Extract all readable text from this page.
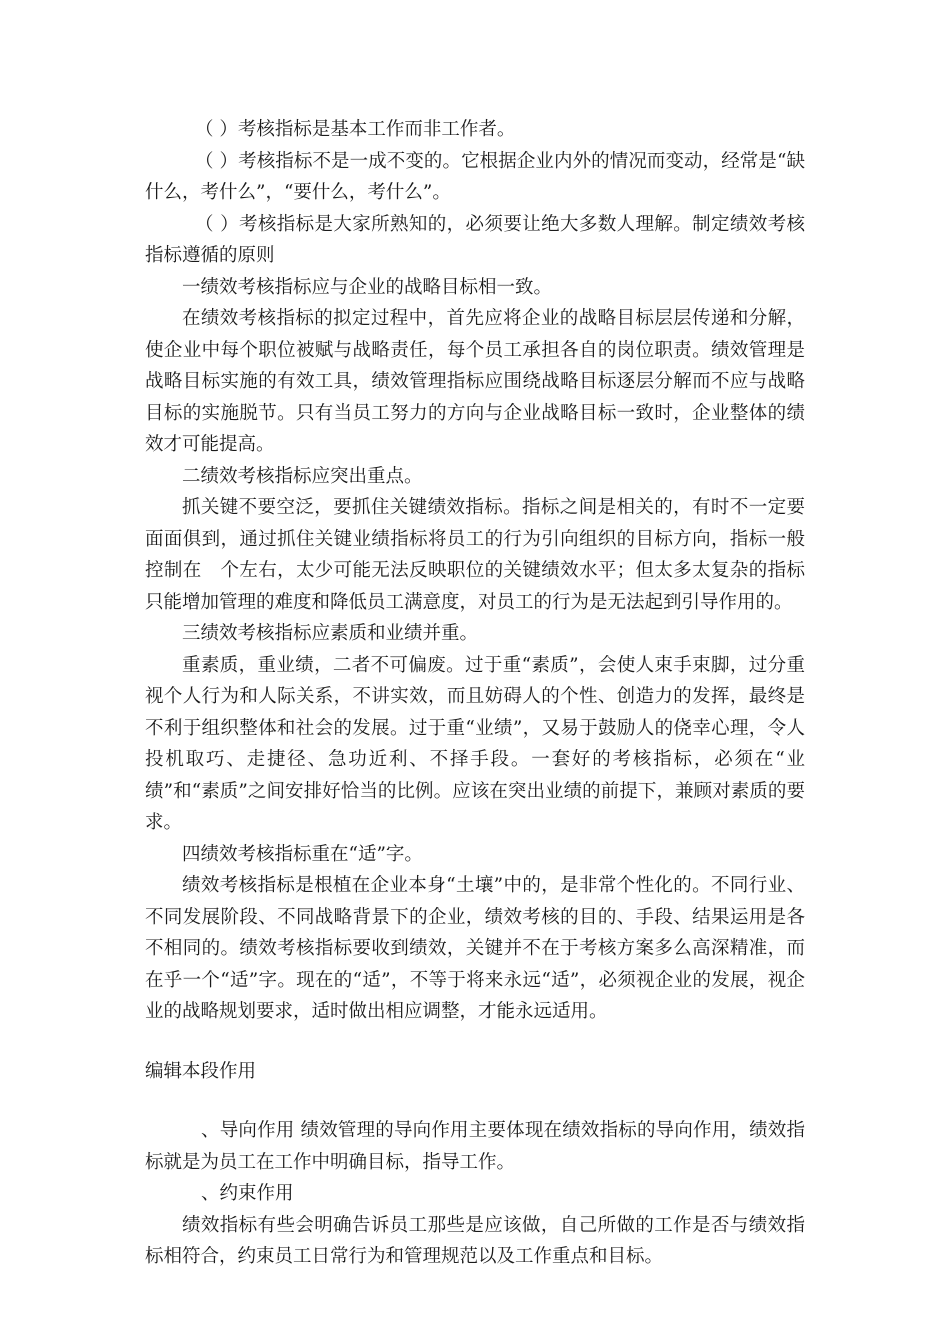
（ ）考核指标是基本工作而非工作者。

（ ）考核指标不是一成不变的。它根据企业内外的情况而变动，经常是“缺什么，考什么”，“要什么，考什么”。

（ ）考核指标是大家所熟知的，必须要让绝大多数人理解。制定绩效考核指标遵循的原则

一绩效考核指标应与企业的战略目标相一致。

在绩效考核指标的拟定过程中，首先应将企业的战略目标层层传递和分解，使企业中每个职位被赋与战略责任，每个员工承担各自的岗位职责。绩效管理是战略目标实施的有效工具，绩效管理指标应围绕战略目标逐层分解而不应与战略目标的实施脱节。只有当员工努力的方向与企业战略目标一致时，企业整体的绩效才可能提高。

二绩效考核指标应突出重点。

抓关键不要空泛，要抓住关键绩效指标。指标之间是相关的，有时不一定要面面俱到，通过抓住关键业绩指标将员工的行为引向组织的目标方向，指标一般控制在　个左右，太少可能无法反映职位的关键绩效水平；但太多太复杂的指标只能增加管理的难度和降低员工满意度，对员工的行为是无法起到引导作用的。

三绩效考核指标应素质和业绩并重。

重素质，重业绩，二者不可偏废。过于重“素质”，会使人束手束脚，过分重视个人行为和人际关系，不讲实效，而且妨碍人的个性、创造力的发挥，最终是不利于组织整体和社会的发展。过于重“业绩”，又易于鼓励人的侥幸心理，令人投机取巧、走捷径、急功近利、不择手段。一套好的考核指标，必须在“业绩”和“素质”之间安排好恰当的比例。应该在突出业绩的前提下，兼顾对素质的要求。

四绩效考核指标重在“适”字。

绩效考核指标是根植在企业本身“土壤”中的，是非常个性化的。不同行业、不同发展阶段、不同战略背景下的企业，绩效考核的目的、手段、结果运用是各不相同的。绩效考核指标要收到绩效，关键并不在于考核方案多么高深精准，而在乎一个“适”字。现在的“适”，不等于将来永远“适”，必须视企业的发展，视企业的战略规划要求，适时做出相应调整，才能永远适用。

编辑本段作用

、导向作用 绩效管理的导向作用主要体现在绩效指标的导向作用，绩效指标就是为员工在工作中明确目标，指导工作。

、约束作用

绩效指标有些会明确告诉员工那些是应该做，自己所做的工作是否与绩效指标相符合，约束员工日常行为和管理规范以及工作重点和目标。
